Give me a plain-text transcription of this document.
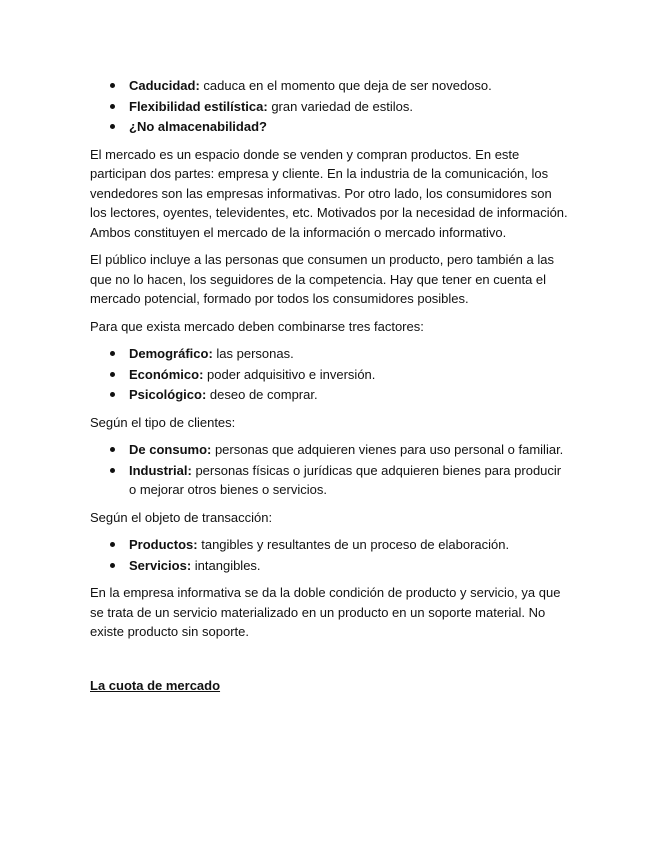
Caducidad: caduca en el momento que deja de ser novedoso.
Flexibilidad estilística: gran variedad de estilos.
¿No almacenabilidad?

El mercado es un espacio donde se venden y compran productos. En este participan dos partes: empresa y cliente. En la industria de la comunicación, los vendedores son las empresas informativas. Por otro lado, los consumidores son los lectores, oyentes, televidentes, etc. Motivados por la necesidad de información. Ambos constituyen el mercado de la información o mercado informativo.

El público incluye a las personas que consumen un producto, pero también a las que no lo hacen, los seguidores de la competencia. Hay que tener en cuenta el mercado potencial, formado por todos los consumidores posibles.

Para que exista mercado deben combinarse tres factores:

Demográfico: las personas.
Económico: poder adquisitivo e inversión.
Psicológico: deseo de comprar.

Según el tipo de clientes:

De consumo: personas que adquieren vienes para uso personal o familiar.
Industrial: personas físicas o jurídicas que adquieren bienes para producir o mejorar otros bienes o servicios.

Según el objeto de transacción:

Productos: tangibles y resultantes de un proceso de elaboración.
Servicios: intangibles.

En la empresa informativa se da la doble condición de producto y servicio, ya que se trata de un servicio materializado en un producto en un soporte material. No existe producto sin soporte.

La cuota de mercado
